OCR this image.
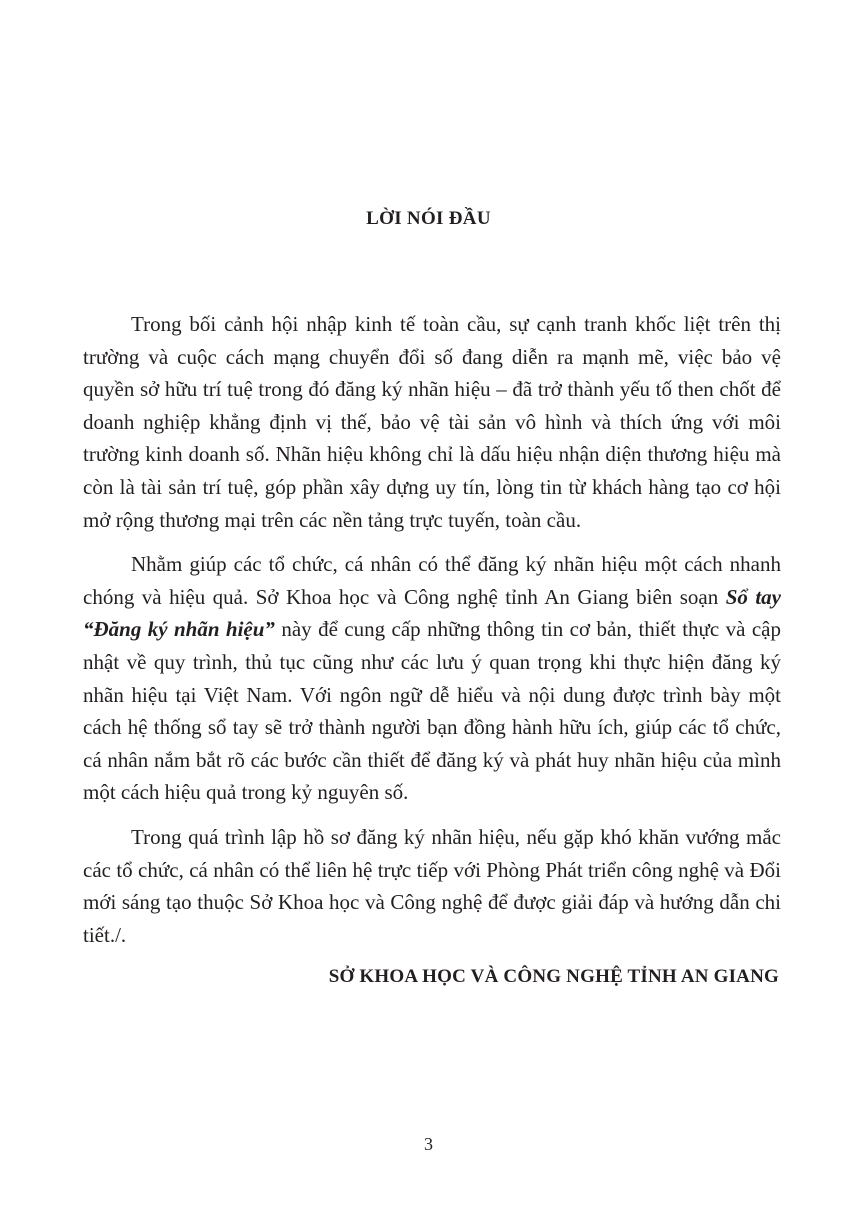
LỜI NÓI ĐẦU

Trong bối cảnh hội nhập kinh tế toàn cầu, sự cạnh tranh khốc liệt trên thị trường và cuộc cách mạng chuyển đổi số đang diễn ra mạnh mẽ, việc bảo vệ quyền sở hữu trí tuệ trong đó đăng ký nhãn hiệu – đã trở thành yếu tố then chốt để doanh nghiệp khẳng định vị thế, bảo vệ tài sản vô hình và thích ứng với môi trường kinh doanh số. Nhãn hiệu không chỉ là dấu hiệu nhận diện thương hiệu mà còn là tài sản trí tuệ, góp phần xây dựng uy tín, lòng tin từ khách hàng tạo cơ hội mở rộng thương mại trên các nền tảng trực tuyến, toàn cầu.

Nhằm giúp các tổ chức, cá nhân có thể đăng ký nhãn hiệu một cách nhanh chóng và hiệu quả. Sở Khoa học và Công nghệ tỉnh An Giang biên soạn Sổ tay “Đăng ký nhãn hiệu” này để cung cấp những thông tin cơ bản, thiết thực và cập nhật về quy trình, thủ tục cũng như các lưu ý quan trọng khi thực hiện đăng ký nhãn hiệu tại Việt Nam. Với ngôn ngữ dễ hiểu và nội dung được trình bày một cách hệ thống sổ tay sẽ trở thành người bạn đồng hành hữu ích, giúp các tổ chức, cá nhân nắm bắt rõ các bước cần thiết để đăng ký và phát huy nhãn hiệu của mình một cách hiệu quả trong kỷ nguyên số.

Trong quá trình lập hồ sơ đăng ký nhãn hiệu, nếu gặp khó khăn vướng mắc các tổ chức, cá nhân có thể liên hệ trực tiếp với Phòng Phát triển công nghệ và Đổi mới sáng tạo thuộc Sở Khoa học và Công nghệ để được giải đáp và hướng dẫn chi tiết./.

SỞ KHOA HỌC VÀ CÔNG NGHỆ TỈNH AN GIANG
3
